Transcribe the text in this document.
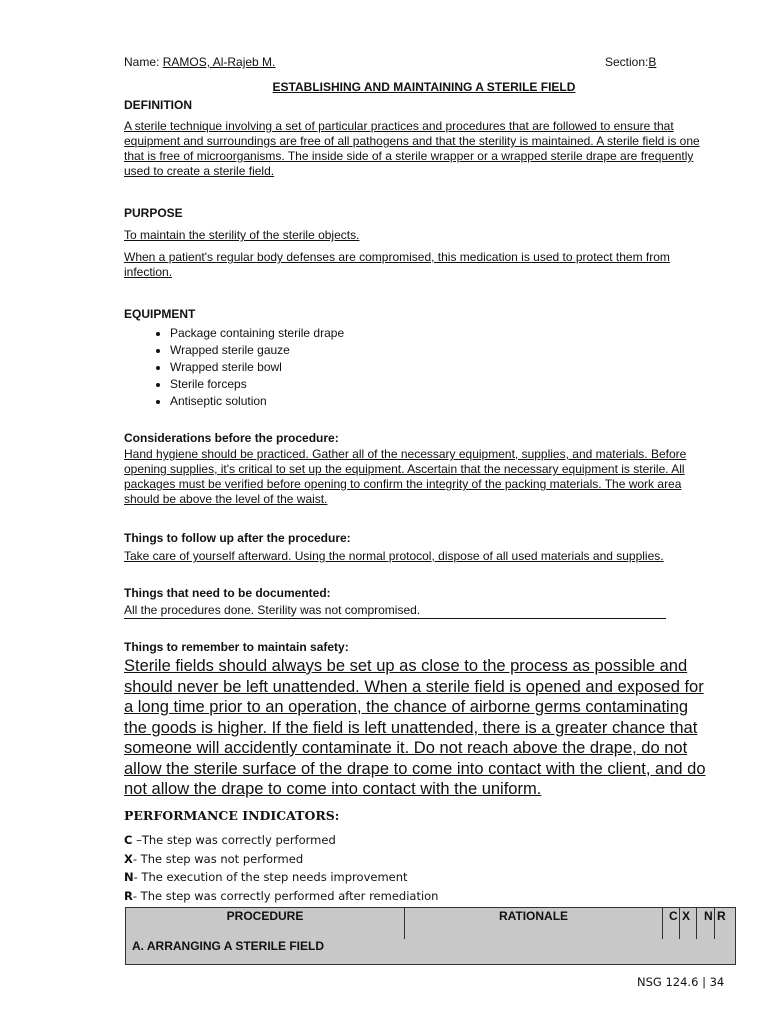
Name: RAMOS, Al-Rajeb M.	Section:B
ESTABLISHING AND MAINTAINING A STERILE FIELD
DEFINITION
A sterile technique involving a set of particular practices and procedures that are followed to ensure that
equipment and surroundings are free of all pathogens and that the sterility is maintained. A sterile field is one
that is free of microorganisms. The inside side of a sterile wrapper or a wrapped sterile drape are frequently
used to create a sterile field.
PURPOSE
To maintain the sterility of the sterile objects.
When a patient's regular body defenses are compromised, this medication is used to protect them from
infection.
EQUIPMENT
• Package containing sterile drape
• Wrapped sterile gauze
• Wrapped sterile bowl
• Sterile forceps
• Antiseptic solution
Considerations before the procedure:
Hand hygiene should be practiced. Gather all of the necessary equipment, supplies, and materials. Before
opening supplies, it's critical to set up the equipment. Ascertain that the necessary equipment is sterile. All
packages must be verified before opening to confirm the integrity of the packing materials. The work area
should be above the level of the waist.
Things to follow up after the procedure:
Take care of yourself afterward. Using the normal protocol, dispose of all used materials and supplies.
Things that need to be documented:
All the procedures done. Sterility was not compromised.
Things to remember to maintain safety:
Sterile fields should always be set up as close to the process as possible and
should never be left unattended. When a sterile field is opened and exposed for
a long time prior to an operation, the chance of airborne germs contaminating
the goods is higher. If the field is left unattended, there is a greater chance that
someone will accidently contaminate it. Do not reach above the drape, do not
allow the sterile surface of the drape to come into contact with the client, and do
not allow the drape to come into contact with the uniform.
PERFORMANCE INDICATORS:
C –The step was correctly performed
X- The step was not performed
N- The execution of the step needs improvement
R- The step was correctly performed after remediation
PROCEDURE	RATIONALE	C X N R
A. ARRANGING A STERILE FIELD
NSG 124.6 | 34
